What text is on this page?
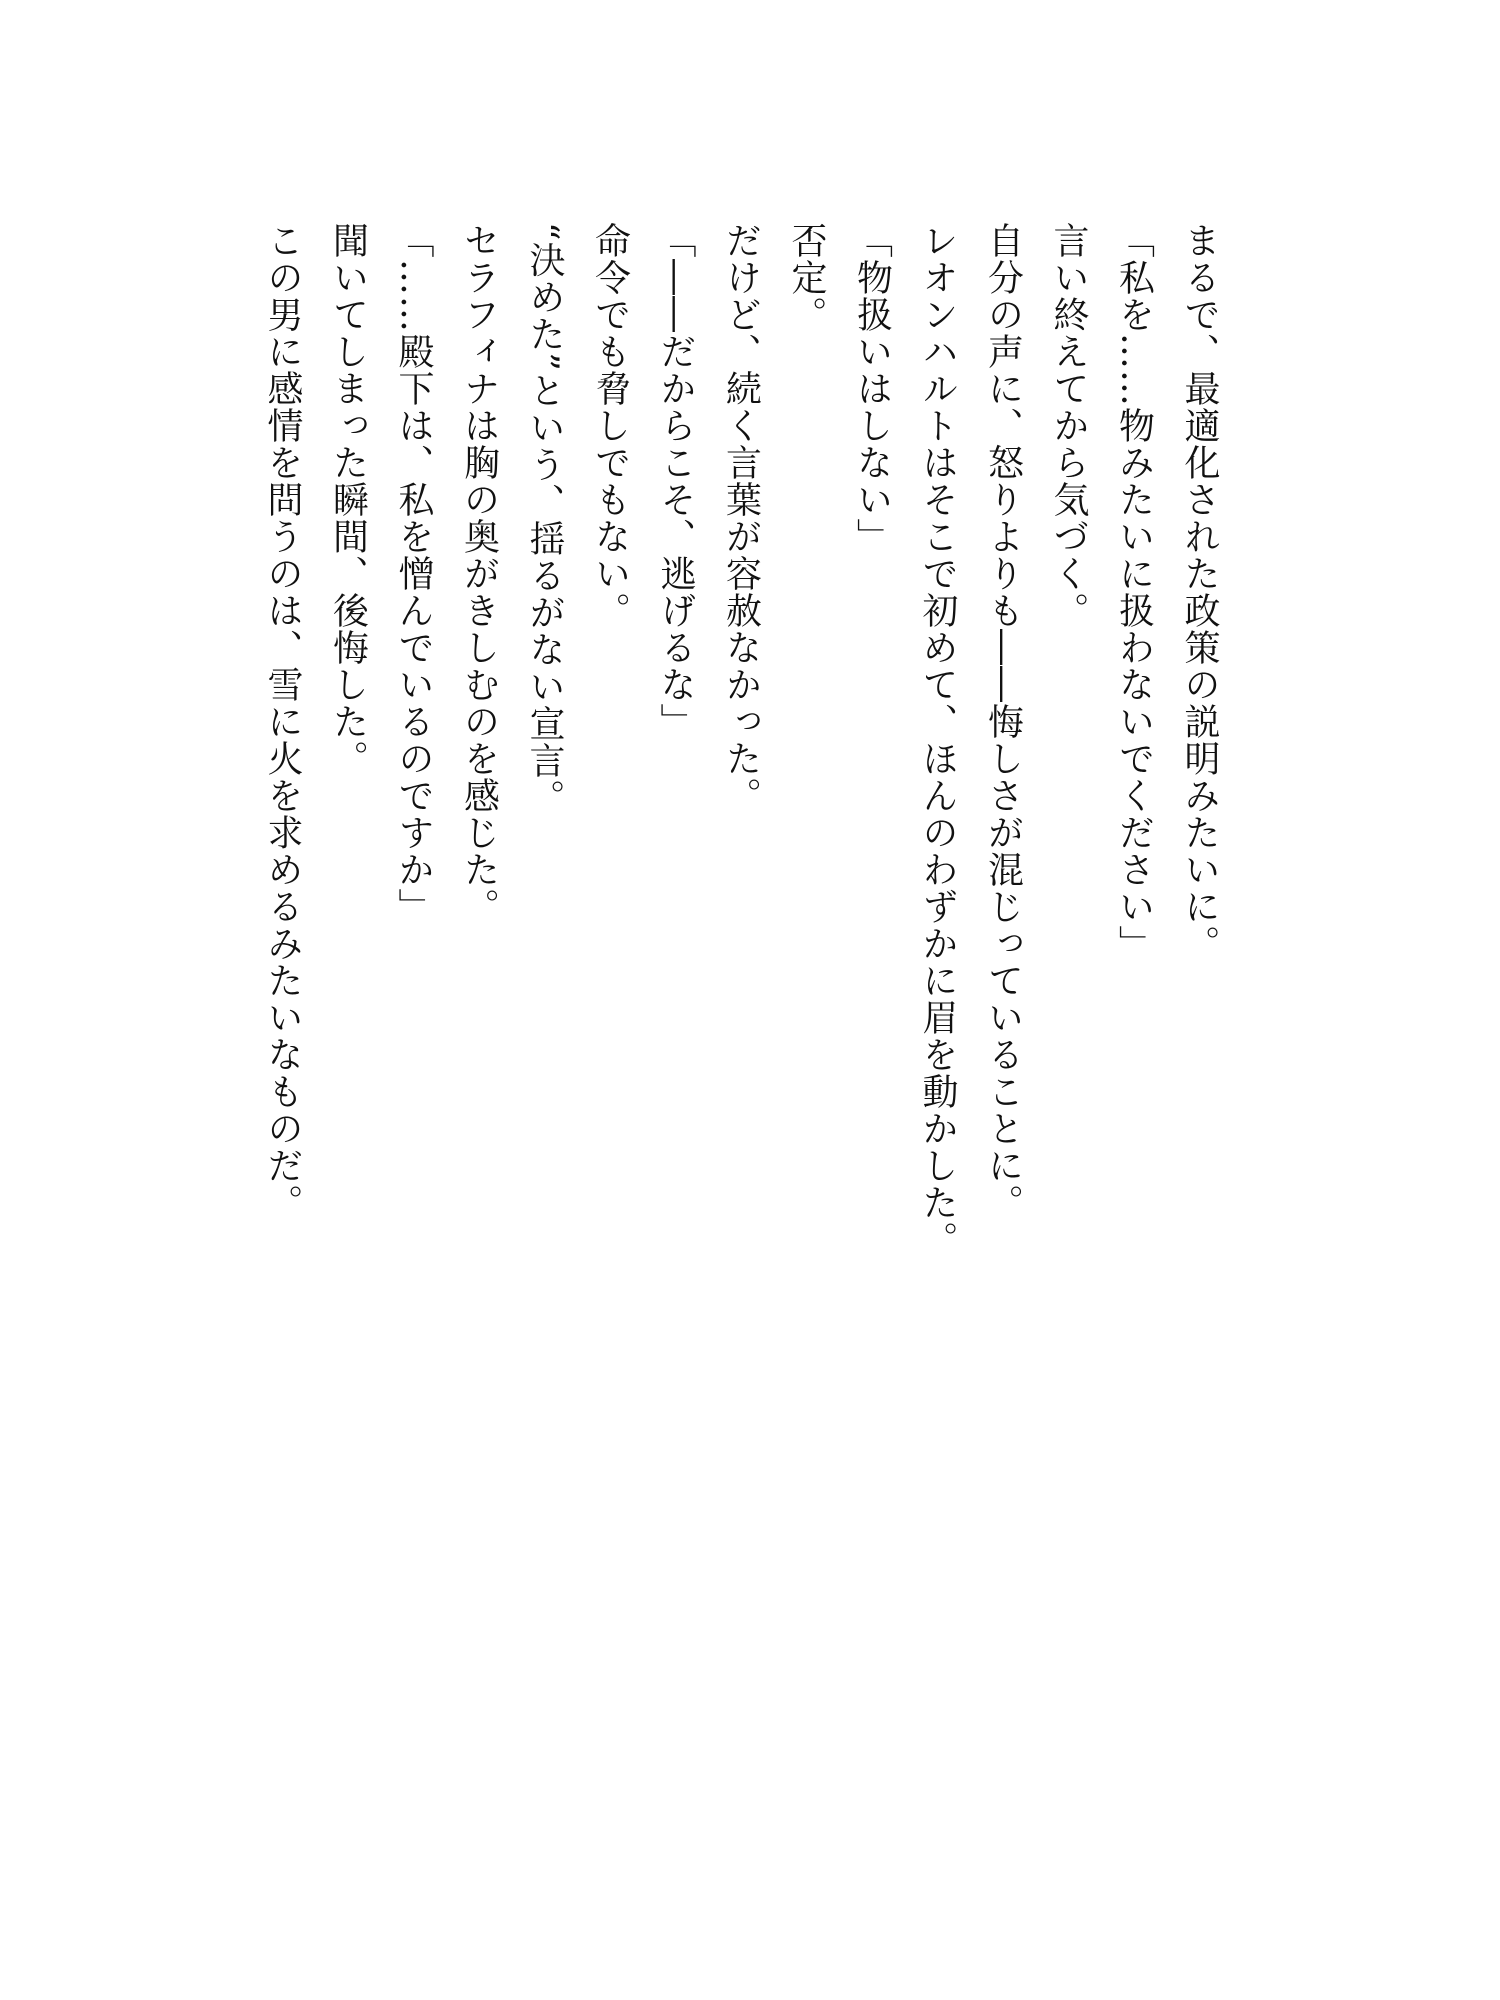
まるで、最適化された政策の説明みたいに。

「私を……物みたいに扱わないでください」

言い終えてから気づく。

自分の声に、怒りよりも――悔しさが混じっていることに。

レオンハルトはそこで初めて、ほんのわずかに眉を動かした。

「物扱いはしない」

否定。

だけど、続く言葉が容赦なかった。

「――だからこそ、逃げるな」

命令でも脅しでもない。

“決めた”という、揺るがない宣言。

セラフィナは胸の奥がきしむのを感じた。

「……殿下は、私を憎んでいるのですか」

聞いてしまった瞬間、後悔した。

この男に感情を問うのは、雪に火を求めるみたいなものだ。
